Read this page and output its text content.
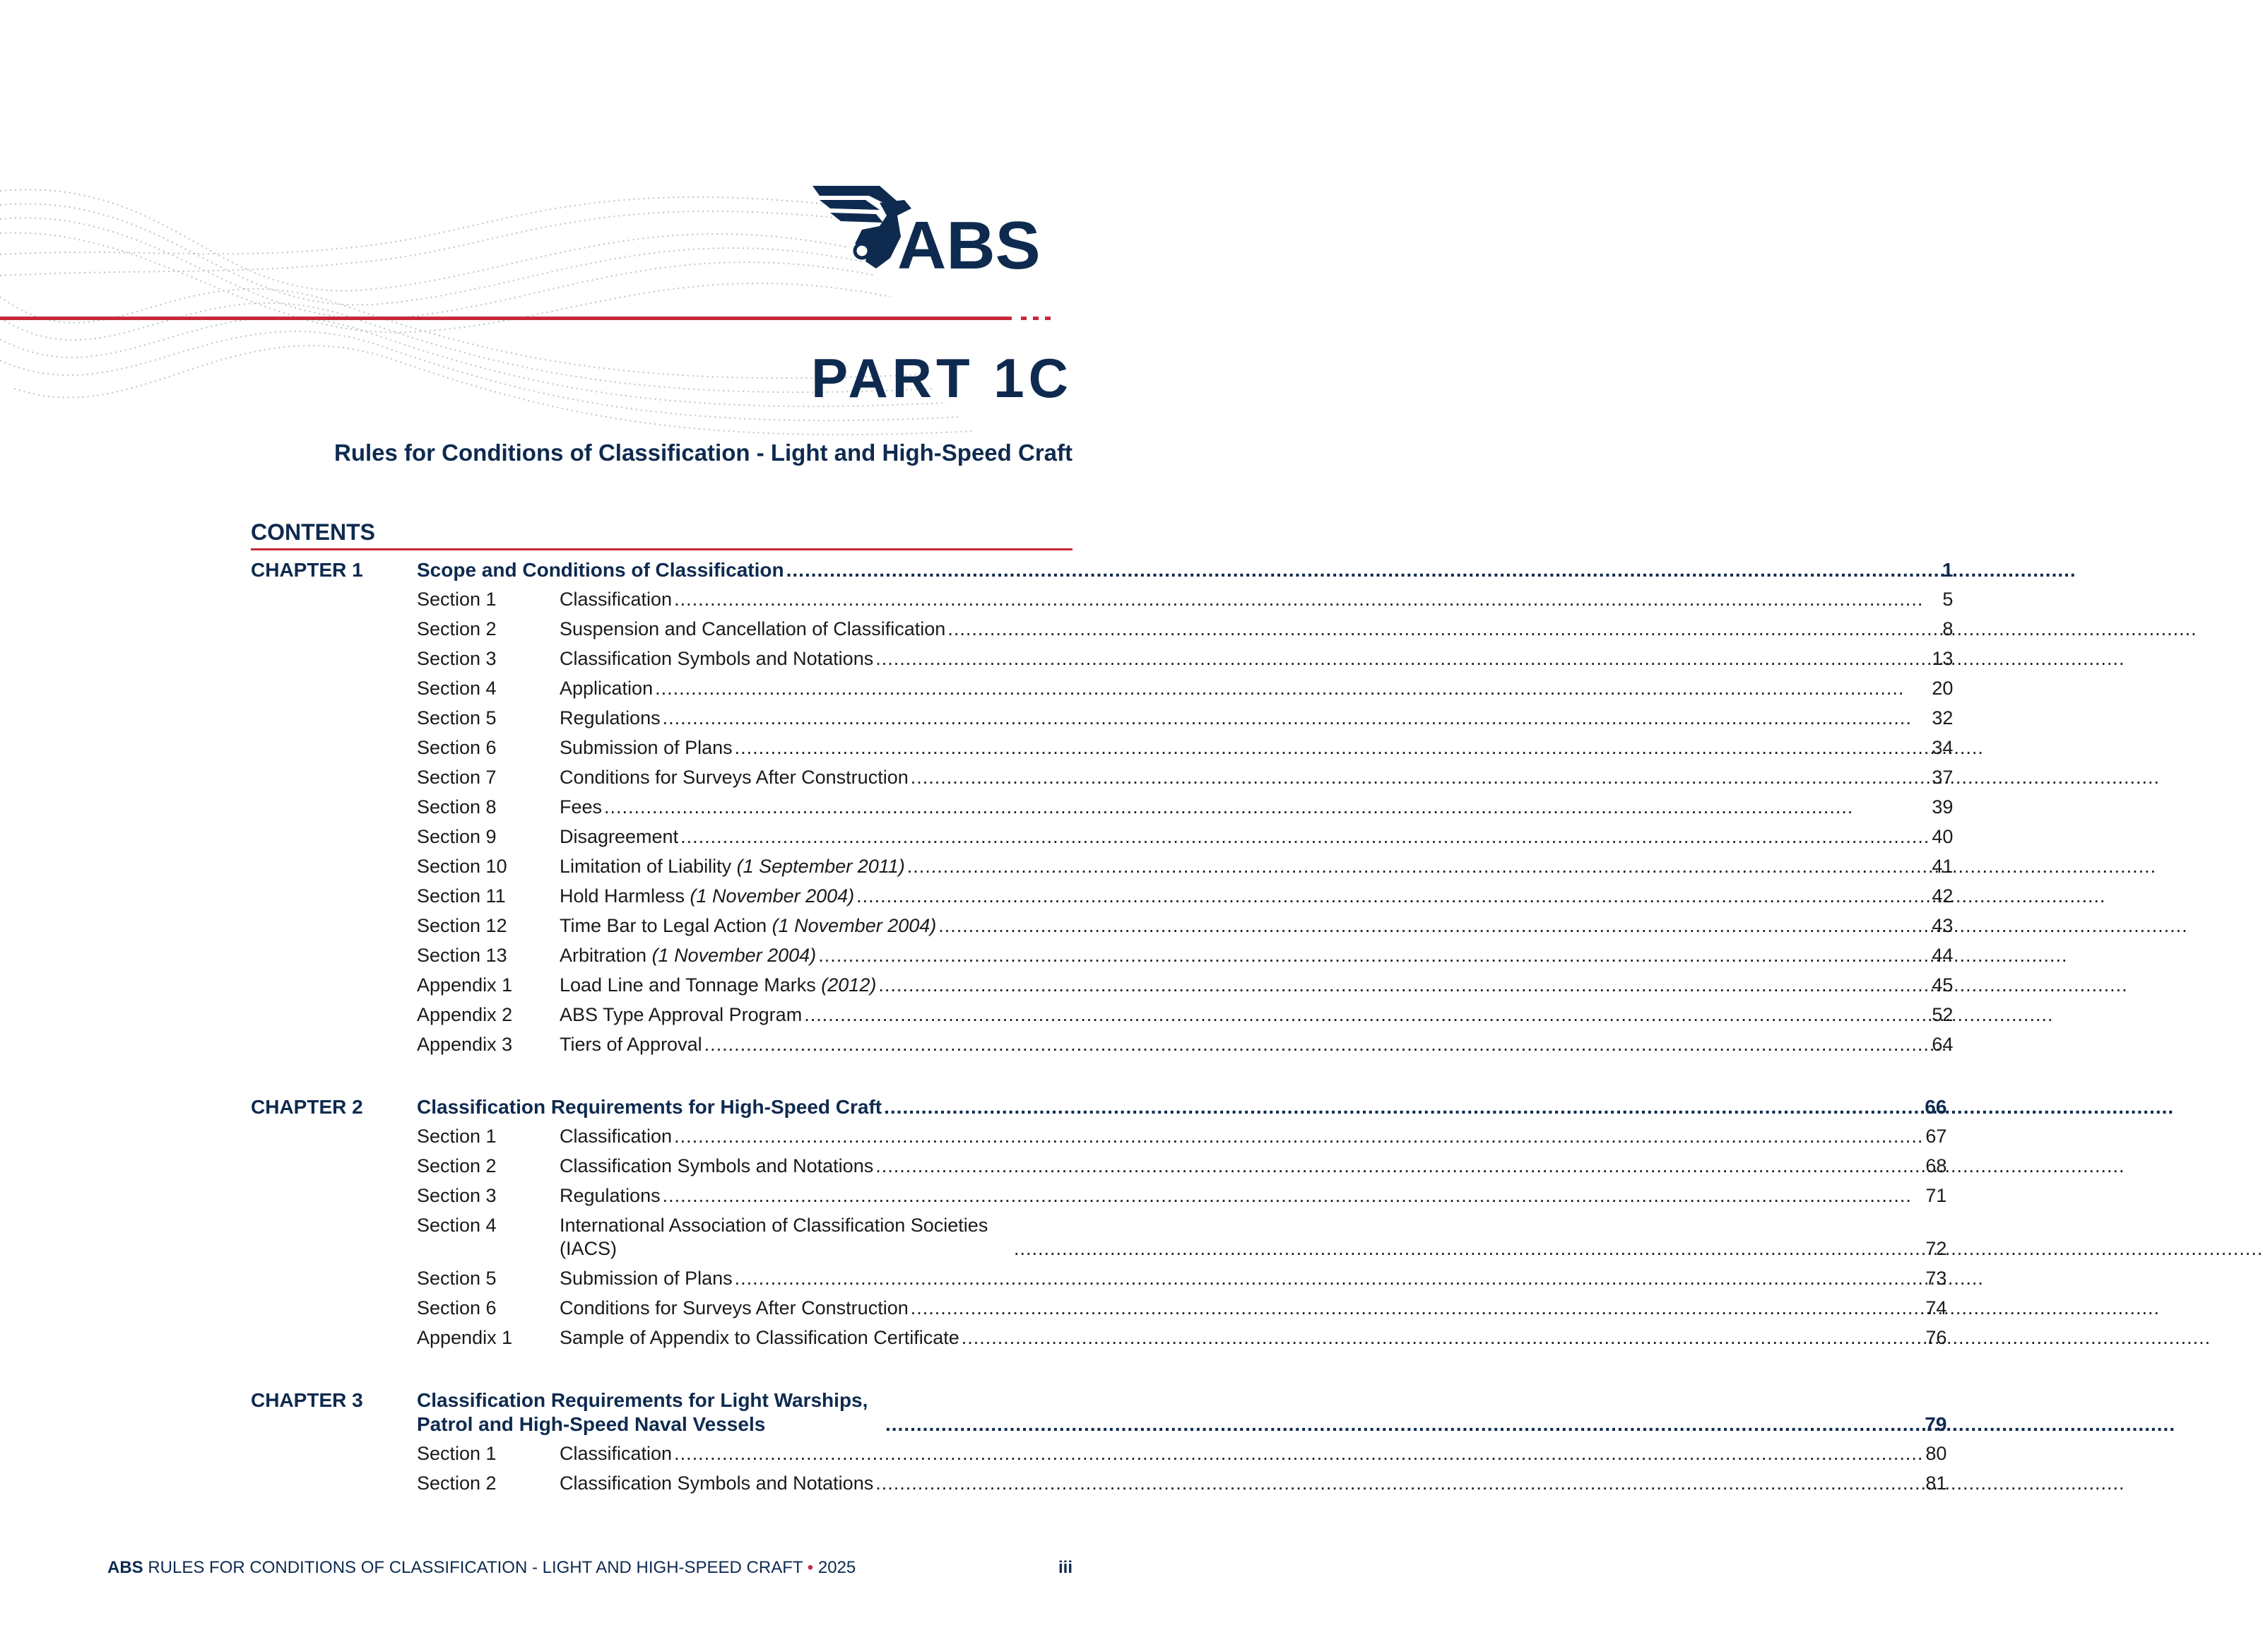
ABS
PART 1C
Rules for Conditions of Classification - Light and High-Speed Craft
CONTENTS
CHAPTER 1	Scope and Conditions of Classification .....	1
Section 1	Classification .....	5
Section 2	Suspension and Cancellation of Classification .....	8
Section 3	Classification Symbols and Notations .....	13
Section 4	Application .....	20
Section 5	Regulations .....	32
Section 6	Submission of Plans .....	34
Section 7	Conditions for Surveys After Construction .....	37
Section 8	Fees .....	39
Section 9	Disagreement .....	40
Section 10	Limitation of Liability (1 September 2011) .....	41
Section 11	Hold Harmless (1 November 2004) .....	42
Section 12	Time Bar to Legal Action (1 November 2004) .....	43
Section 13	Arbitration (1 November 2004) .....	44
Appendix 1	Load Line and Tonnage Marks (2012) .....	45
Appendix 2	ABS Type Approval Program .....	52
Appendix 3	Tiers of Approval .....	64
CHAPTER 2	Classification Requirements for High-Speed Craft .....	66
Section 1	Classification .....	67
Section 2	Classification Symbols and Notations .....	68
Section 3	Regulations .....	71
Section 4	International Association of Classification Societies (IACS) .....	72
Section 5	Submission of Plans .....	73
Section 6	Conditions for Surveys After Construction .....	74
Appendix 1	Sample of Appendix to Classification Certificate .....	76
CHAPTER 3	Classification Requirements for Light Warships, Patrol and High-Speed Naval Vessels .....	79
Section 1	Classification .....	80
Section 2	Classification Symbols and Notations .....	81
ABS RULES FOR CONDITIONS OF CLASSIFICATION - LIGHT AND HIGH-SPEED CRAFT • 2025	iii
